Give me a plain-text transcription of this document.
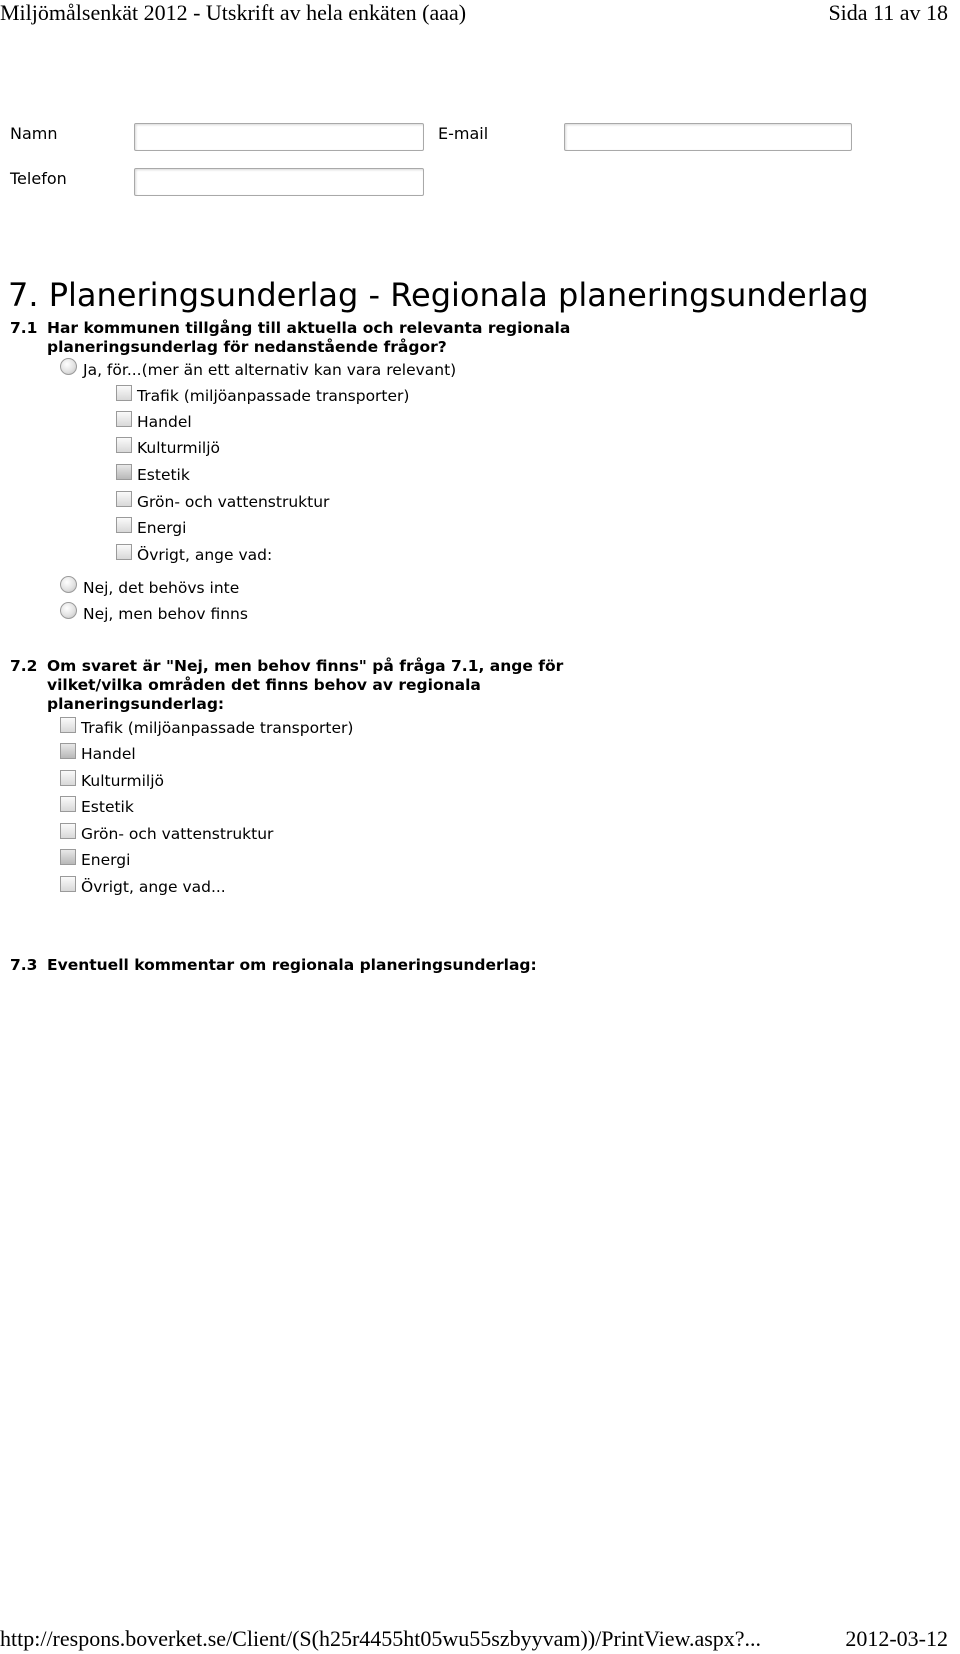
Miljömålsenkät 2012 - Utskrift av hela enkäten (aaa)	Sida 11 av 18
Namn	E-mail
Telefon
7. Planeringsunderlag - Regionala planeringsunderlag
7.1 Har kommunen tillgång till aktuella och relevanta regionala
planeringsunderlag för nedanstående frågor?
Ja, för...(mer än ett alternativ kan vara relevant)
Trafik (miljöanpassade transporter)
Handel
Kulturmiljö
Estetik
Grön- och vattenstruktur
Energi
Övrigt, ange vad:
Nej, det behövs inte
Nej, men behov finns
7.2 Om svaret är "Nej, men behov finns" på fråga 7.1, ange för
vilket/vilka områden det finns behov av regionala
planeringsunderlag:
Trafik (miljöanpassade transporter)
Handel
Kulturmiljö
Estetik
Grön- och vattenstruktur
Energi
Övrigt, ange vad...
7.3 Eventuell kommentar om regionala planeringsunderlag:
http://respons.boverket.se/Client/(S(h25r4455ht05wu55szbyyvam))/PrintView.aspx?...	2012-03-12
